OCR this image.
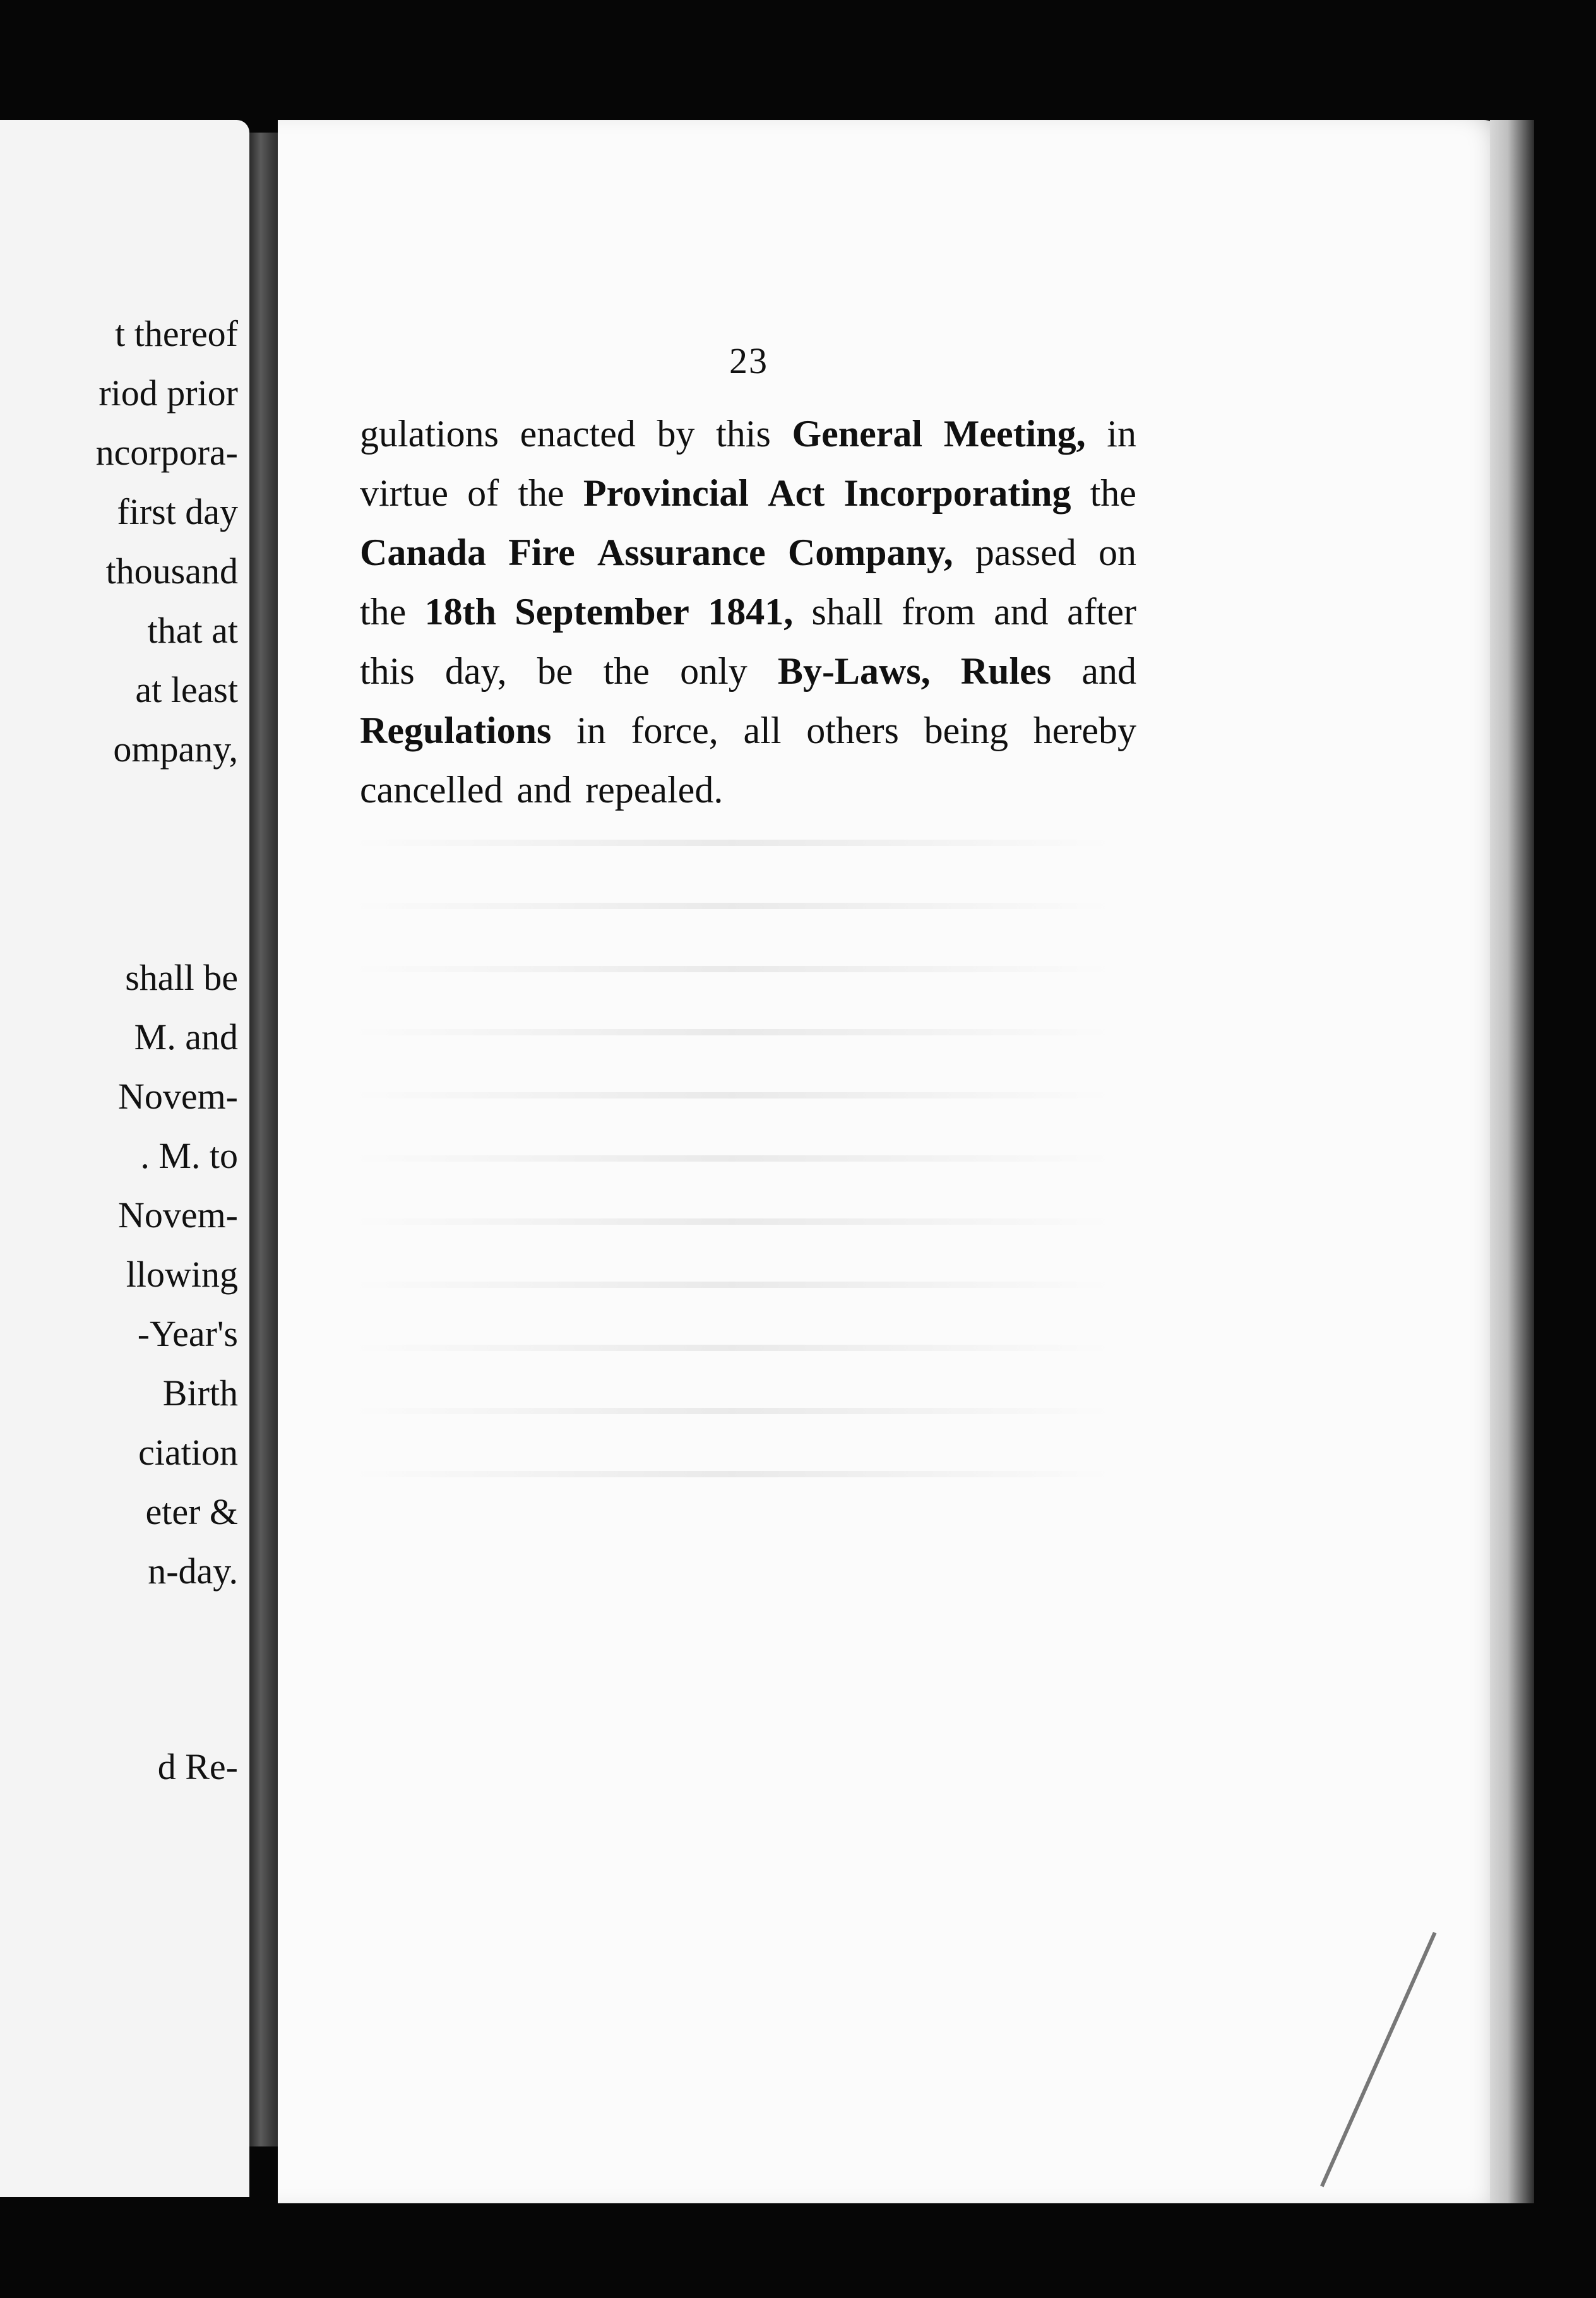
t thereof
riod prior
ncorpora-
first day
thousand
that at
at least
ompany,
shall be
M. and
Novem-
. M. to
Novem-
llowing
-Year's
Birth
ciation
eter &
n-day.
d Re-
23
gulations enacted by this General Meeting, in
virtue of the Provincial Act Incorporating the
Canada Fire Assurance Company, passed on
the 18th September 1841, shall from and after
this day, be the only By-Laws, Rules and
Regulations in force, all others being hereby
cancelled and repealed.
